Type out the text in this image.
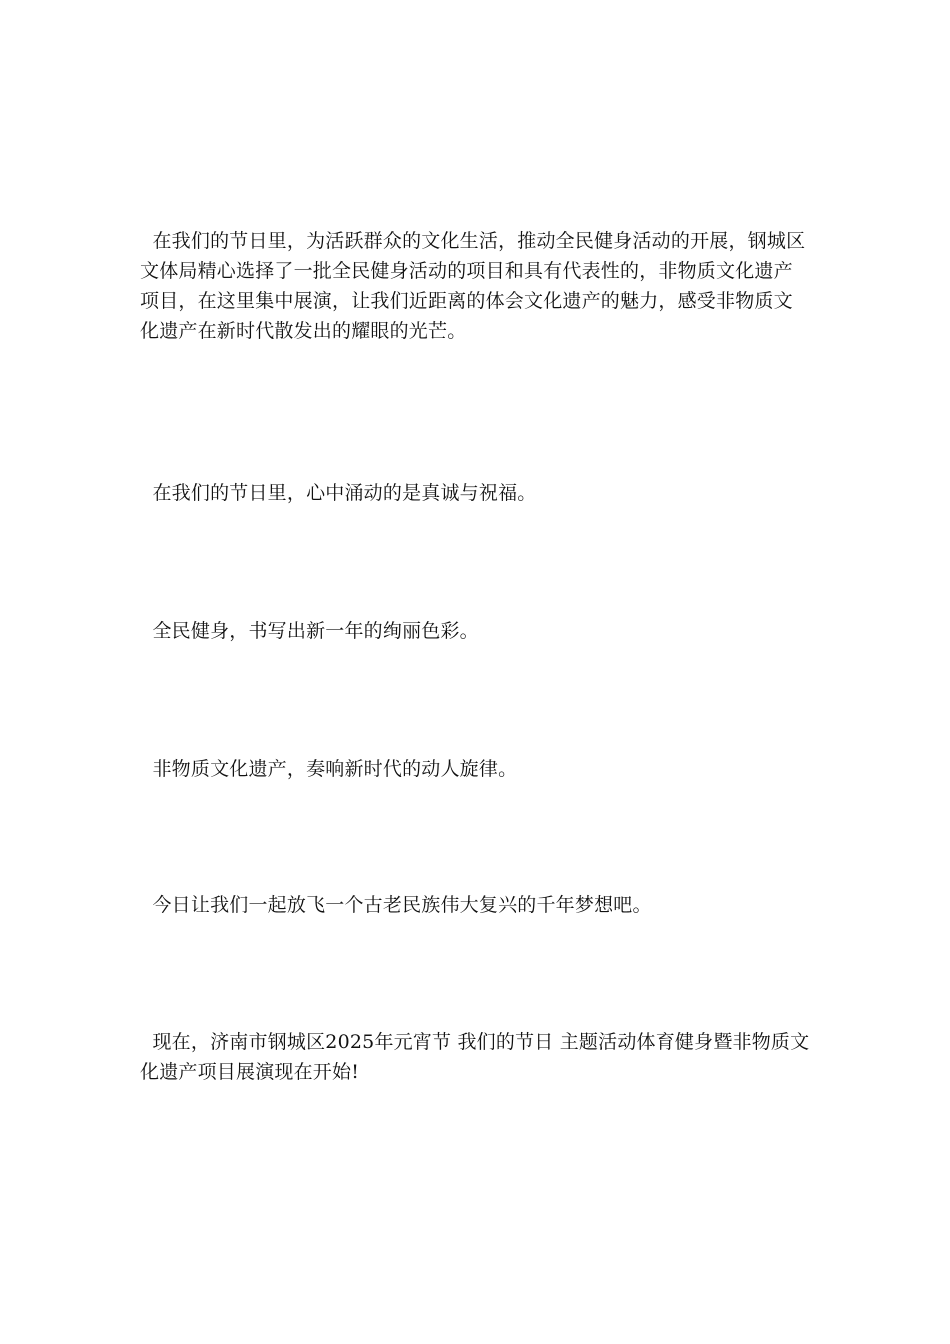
在我们的节日里，为活跃群众的文化生活，推动全民健身活动的开展，钢城区文体局精心选择了一批全民健身活动的项目和具有代表性的，非物质文化遗产项目，在这里集中展演，让我们近距离的体会文化遗产的魅力，感受非物质文化遗产在新时代散发出的耀眼的光芒。

在我们的节日里，心中涌动的是真诚与祝福。

全民健身，书写出新一年的绚丽色彩。

非物质文化遗产，奏响新时代的动人旋律。

今日让我们一起放飞一个古老民族伟大复兴的千年梦想吧。

现在，济南市钢城区2025年元宵节 我们的节日 主题活动体育健身暨非物质文化遗产项目展演现在开始!
